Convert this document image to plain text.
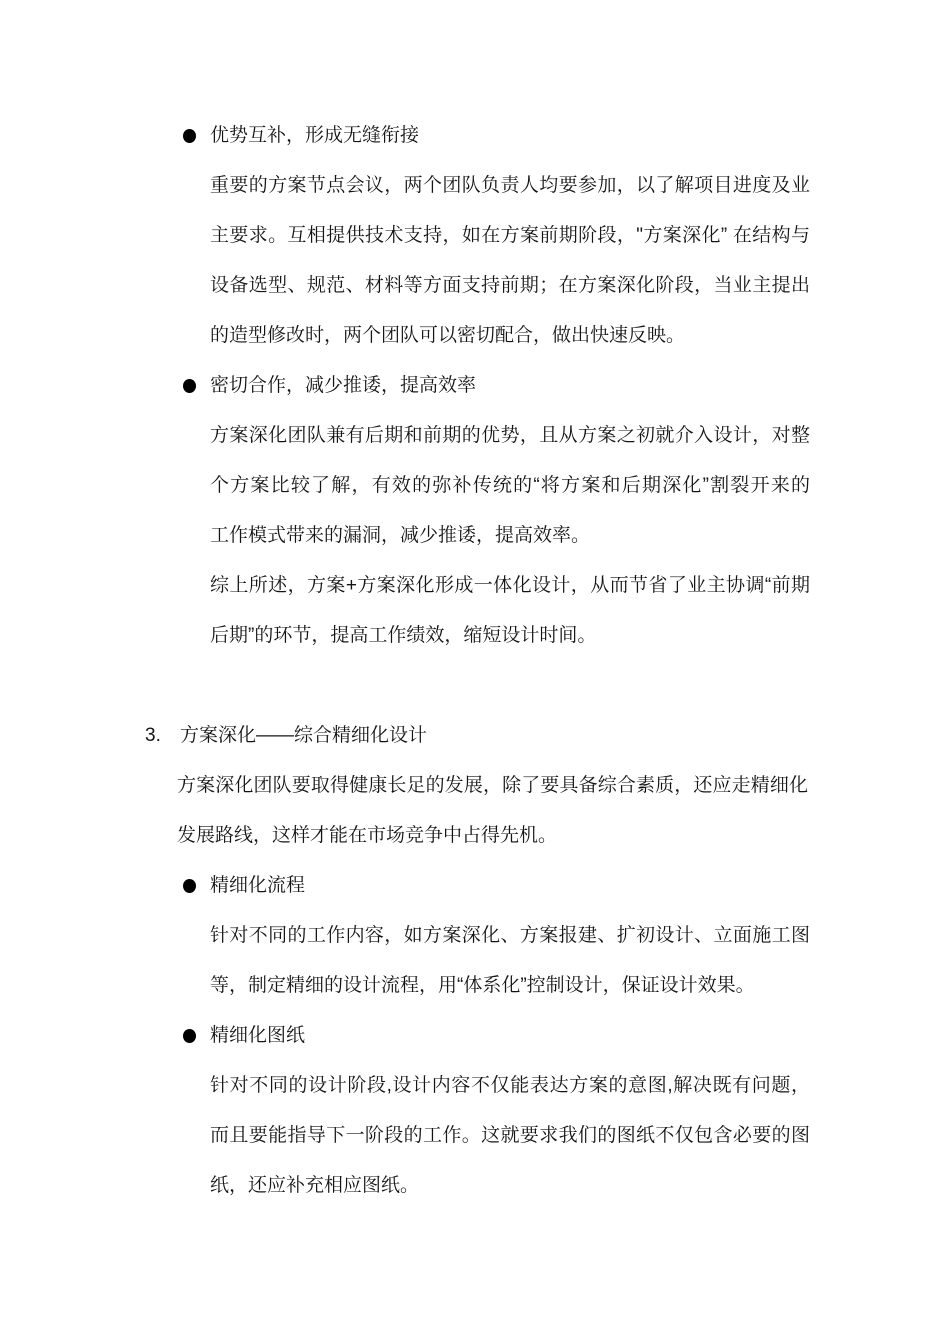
优势互补，形成无缝衔接
重要的方案节点会议，两个团队负责人均要参加，以了解项目进度及业
主要求。互相提供技术支持，如在方案前期阶段，"方案深化” 在结构与
设备选型、规范、材料等方面支持前期；在方案深化阶段，当业主提出
的造型修改时，两个团队可以密切配合，做出快速反映。
密切合作，减少推诿，提高效率
方案深化团队兼有后期和前期的优势，且从方案之初就介入设计，对整
个方案比较了解，有效的弥补传统的“将方案和后期深化”割裂开来的
工作模式带来的漏洞，减少推诿，提高效率。
综上所述，方案+方案深化形成一体化设计，从而节省了业主协调“前期
后期”的环节，提高工作绩效，缩短设计时间。
3. 方案深化——综合精细化设计
方案深化团队要取得健康长足的发展，除了要具备综合素质，还应走精细化
发展路线，这样才能在市场竞争中占得先机。
精细化流程
针对不同的工作内容，如方案深化、方案报建、扩初设计、立面施工图
等，制定精细的设计流程，用“体系化”控制设计，保证设计效果。
精细化图纸
针对不同的设计阶段,设计内容不仅能表达方案的意图,解决既有问题，
而且要能指导下一阶段的工作。这就要求我们的图纸不仅包含必要的图
纸，还应补充相应图纸。
